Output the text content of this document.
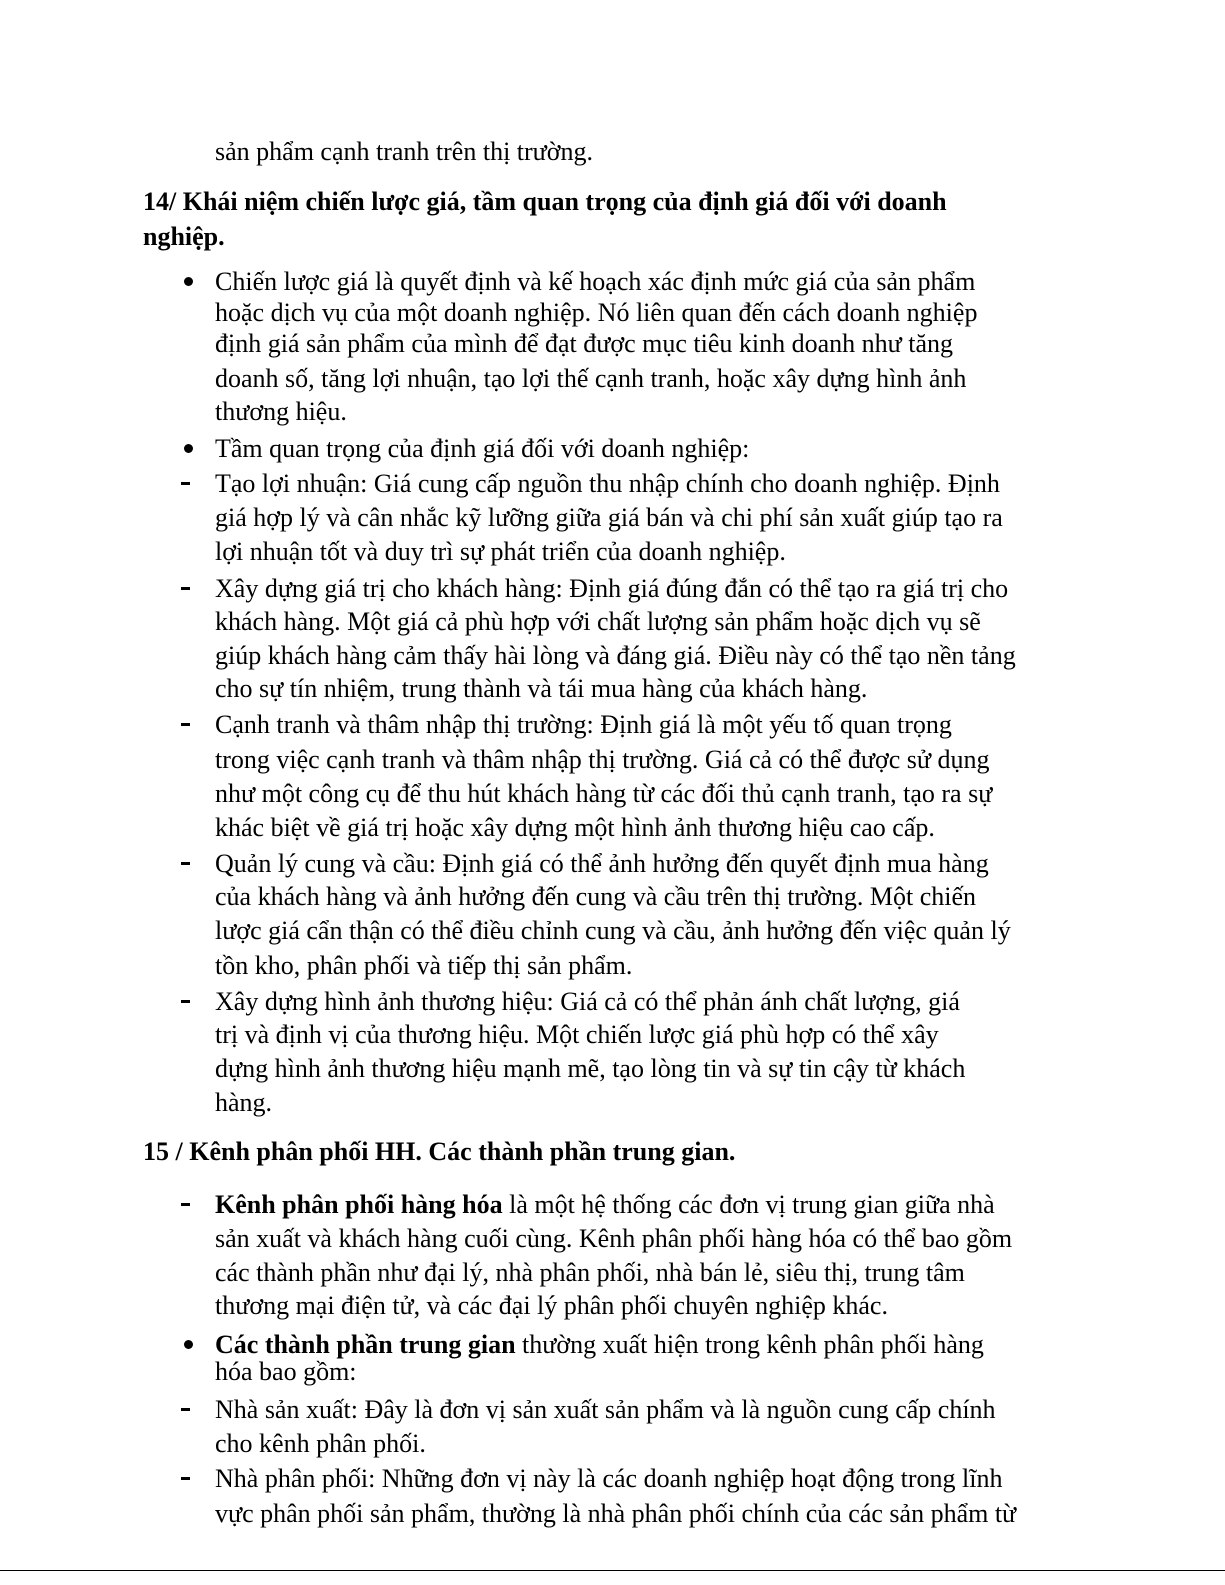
sản phẩm cạnh tranh trên thị trường.
14/ Khái niệm chiến lược giá, tầm quan trọng của định giá đối với doanh
nghiệp.
Chiến lược giá là quyết định và kế hoạch xác định mức giá của sản phẩm
hoặc dịch vụ của một doanh nghiệp. Nó liên quan đến cách doanh nghiệp
định giá sản phẩm của mình để đạt được mục tiêu kinh doanh như tăng
doanh số, tăng lợi nhuận, tạo lợi thế cạnh tranh, hoặc xây dựng hình ảnh
thương hiệu.
Tầm quan trọng của định giá đối với doanh nghiệp:
Tạo lợi nhuận: Giá cung cấp nguồn thu nhập chính cho doanh nghiệp. Định
giá hợp lý và cân nhắc kỹ lưỡng giữa giá bán và chi phí sản xuất giúp tạo ra
lợi nhuận tốt và duy trì sự phát triển của doanh nghiệp.
Xây dựng giá trị cho khách hàng: Định giá đúng đắn có thể tạo ra giá trị cho
khách hàng. Một giá cả phù hợp với chất lượng sản phẩm hoặc dịch vụ sẽ
giúp khách hàng cảm thấy hài lòng và đáng giá. Điều này có thể tạo nền tảng
cho sự tín nhiệm, trung thành và tái mua hàng của khách hàng.
Cạnh tranh và thâm nhập thị trường: Định giá là một yếu tố quan trọng
trong việc cạnh tranh và thâm nhập thị trường. Giá cả có thể được sử dụng
như một công cụ để thu hút khách hàng từ các đối thủ cạnh tranh, tạo ra sự
khác biệt về giá trị hoặc xây dựng một hình ảnh thương hiệu cao cấp.
Quản lý cung và cầu: Định giá có thể ảnh hưởng đến quyết định mua hàng
của khách hàng và ảnh hưởng đến cung và cầu trên thị trường. Một chiến
lược giá cẩn thận có thể điều chỉnh cung và cầu, ảnh hưởng đến việc quản lý
tồn kho, phân phối và tiếp thị sản phẩm.
Xây dựng hình ảnh thương hiệu: Giá cả có thể phản ánh chất lượng, giá
trị và định vị của thương hiệu. Một chiến lược giá phù hợp có thể xây
dựng hình ảnh thương hiệu mạnh mẽ, tạo lòng tin và sự tin cậy từ khách
hàng.
15 / Kênh phân phối HH. Các thành phần trung gian.
Kênh phân phối hàng hóa là một hệ thống các đơn vị trung gian giữa nhà
sản xuất và khách hàng cuối cùng. Kênh phân phối hàng hóa có thể bao gồm
các thành phần như đại lý, nhà phân phối, nhà bán lẻ, siêu thị, trung tâm
thương mại điện tử, và các đại lý phân phối chuyên nghiệp khác.
Các thành phần trung gian thường xuất hiện trong kênh phân phối hàng
hóa bao gồm:
Nhà sản xuất: Đây là đơn vị sản xuất sản phẩm và là nguồn cung cấp chính
cho kênh phân phối.
Nhà phân phối: Những đơn vị này là các doanh nghiệp hoạt động trong lĩnh
vực phân phối sản phẩm, thường là nhà phân phối chính của các sản phẩm từ
